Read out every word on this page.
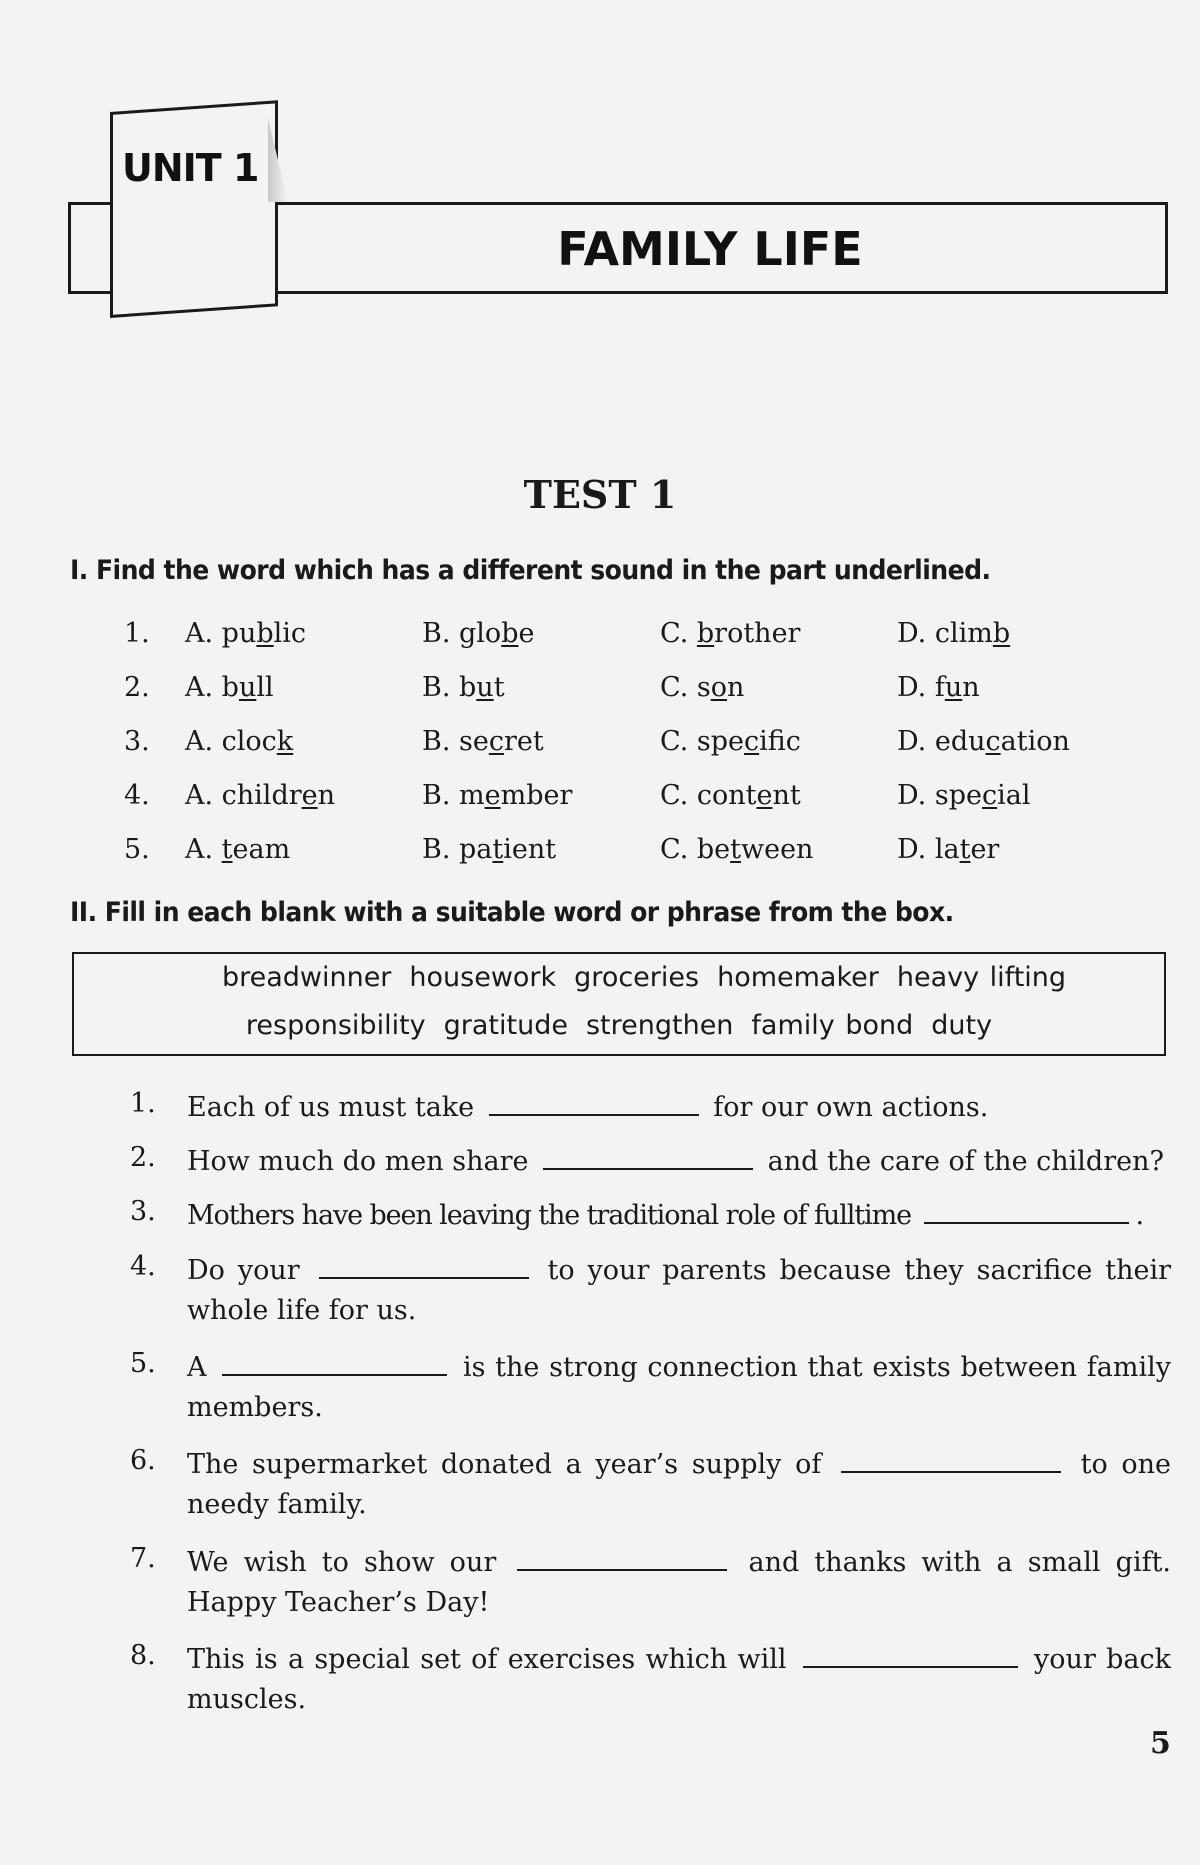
UNIT 1
FAMILY LIFE
TEST 1
I. Find the word which has a different sound in the part underlined.
1. A. public	B. globe	C. brother	D. climb
2. A. bull	B. but	C. son	D. fun
3. A. clock	B. secret	C. specific	D. education
4. A. children	B. member	C. content	D. special
5. A. team	B. patient	C. between	D. later
II. Fill in each blank with a suitable word or phrase from the box.
breadwinner housework groceries homemaker heavy lifting
responsibility gratitude strengthen family bond duty
1. Each of us must take	for our own actions.
2. How much do men share	and the care of the children?
3. Mothers have been leaving the traditional role of fulltime	.
4. Do your	to your parents because they sacrifice their whole life for us.
5. A	is the strong connection that exists between family members.
6. The supermarket donated a year’s supply of	to one needy family.
7. We wish to show our	and thanks with a small gift. Happy Teacher’s Day!
8. This is a special set of exercises which will	your back muscles.
5
